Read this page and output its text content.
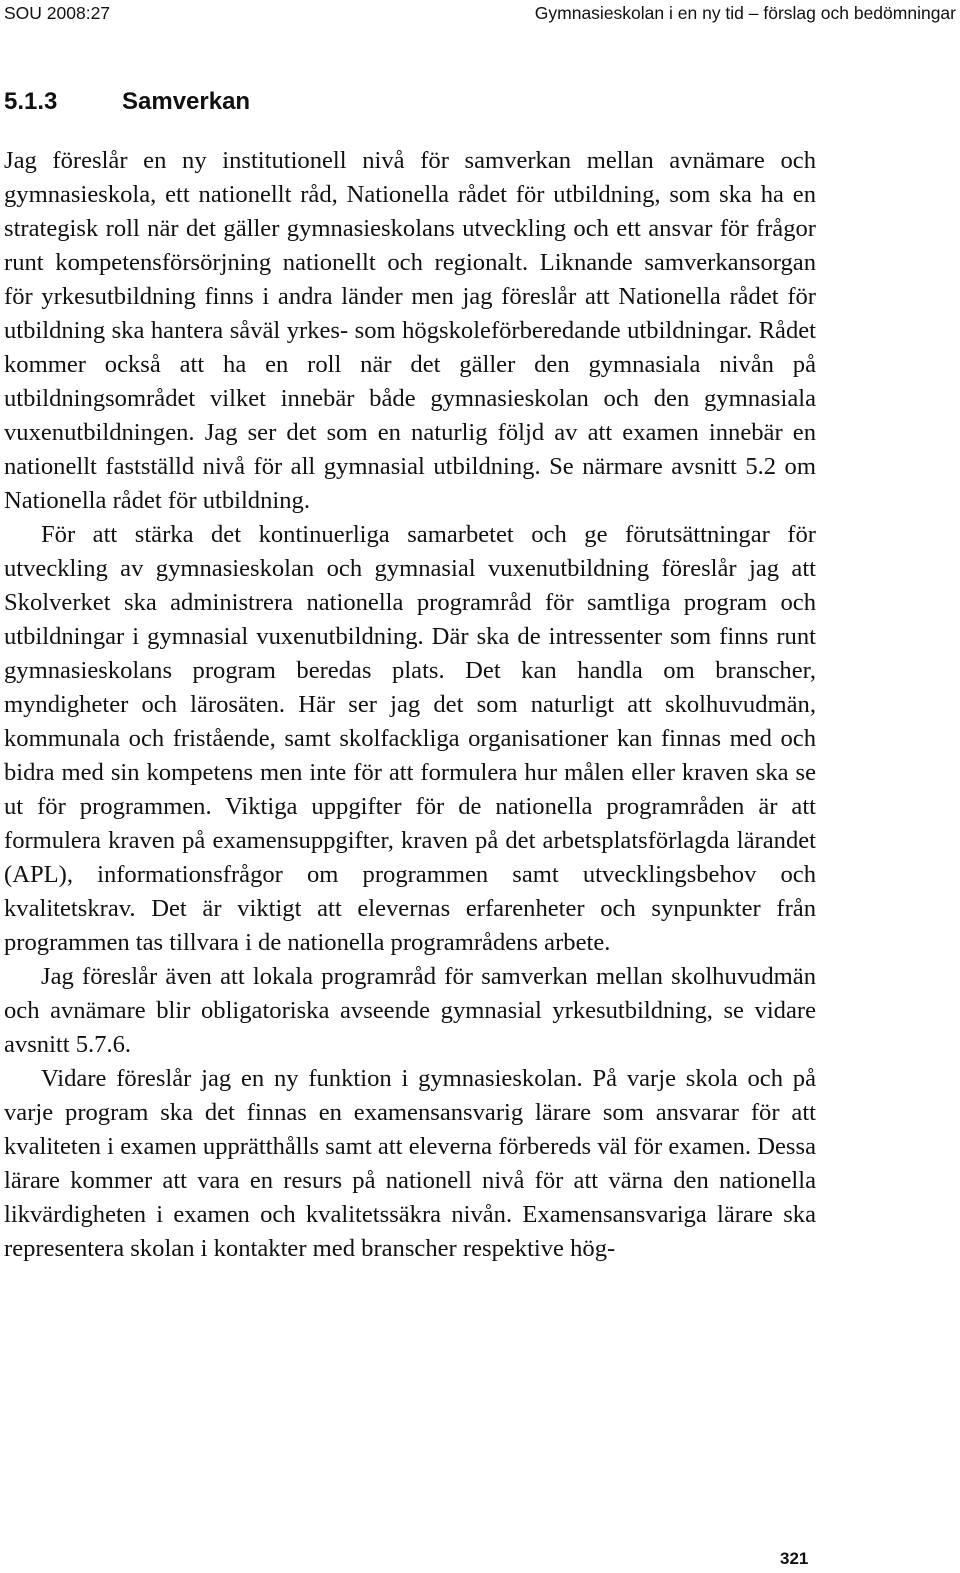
SOU 2008:27	Gymnasieskolan i en ny tid – förslag och bedömningar
5.1.3	Samverkan

Jag föreslår en ny institutionell nivå för samverkan mellan avnämare och gymnasieskola, ett nationellt råd, Nationella rådet för utbildning, som ska ha en strategisk roll när det gäller gymnasieskolans utveckling och ett ansvar för frågor runt kompetensförsörjning nationellt och regionalt. Liknande samverkansorgan för yrkesutbildning finns i andra länder men jag föreslår att Nationella rådet för utbildning ska hantera såväl yrkes- som högskoleförberedande utbildningar. Rådet kommer också att ha en roll när det gäller den gymnasiala nivån på utbildningsområdet vilket innebär både gymnasieskolan och den gymnasiala vuxenutbildningen. Jag ser det som en naturlig följd av att examen innebär en nationellt fastställd nivå för all gymnasial utbildning. Se närmare avsnitt 5.2 om Nationella rådet för utbildning.

För att stärka det kontinuerliga samarbetet och ge förutsättningar för utveckling av gymnasieskolan och gymnasial vuxenutbildning föreslår jag att Skolverket ska administrera nationella programråd för samtliga program och utbildningar i gymnasial vuxenutbildning. Där ska de intressenter som finns runt gymnasieskolans program beredas plats. Det kan handla om branscher, myndigheter och lärosäten. Här ser jag det som naturligt att skolhuvudmän, kommunala och fristående, samt skolfackliga organisationer kan finnas med och bidra med sin kompetens men inte för att formulera hur målen eller kraven ska se ut för programmen. Viktiga uppgifter för de nationella programråden är att formulera kraven på examensuppgifter, kraven på det arbetsplatsförlagda lärandet (APL), informationsfrågor om programmen samt utvecklingsbehov och kvalitetskrav. Det är viktigt att elevernas erfarenheter och synpunkter från programmen tas tillvara i de nationella programrådens arbete.

Jag föreslår även att lokala programråd för samverkan mellan skolhuvudmän och avnämare blir obligatoriska avseende gymnasial yrkesutbildning, se vidare avsnitt 5.7.6.

Vidare föreslår jag en ny funktion i gymnasieskolan. På varje skola och på varje program ska det finnas en examensansvarig lärare som ansvarar för att kvaliteten i examen upprätthålls samt att eleverna förbereds väl för examen. Dessa lärare kommer att vara en resurs på nationell nivå för att värna den nationella likvärdigheten i examen och kvalitetssäkra nivån. Examensansvariga lärare ska representera skolan i kontakter med branscher respektive hög-

321
